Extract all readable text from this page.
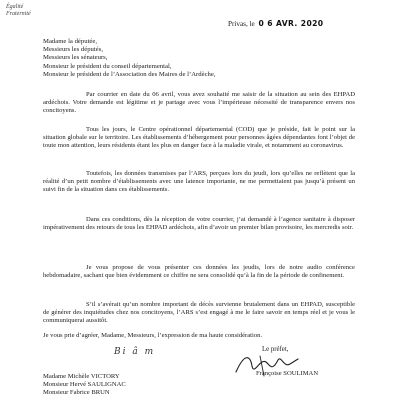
Égalité
Fraternité
Privas, le 0 6 AVR. 2020
Madame la députée,
Messieurs les députés,
Messieurs les sénateurs,
Monsieur le président du conseil départemental,
Monsieur le président de l’Association des Maires de l’Ardèche,

Par courrier en date du 06 avril, vous avez souhaité me saisir de la situation au sein des EHPAD ardéchois. Votre demande est légitime et je partage avec vous l’impérieuse nécessité de transparence envers nos concitoyens.

Tous les jours, le Centre opérationnel départemental (COD) que je préside, fait le point sur la situation globale sur le territoire. Les établissements d’hébergement pour personnes âgées dépendantes font l’objet de toute mon attention, leurs résidents étant les plus en danger face à la maladie virale, et notamment au coronavirus.

Toutefois, les données transmises par l’ARS, perçues lors du jeudi, lors qu’elles ne reflètent que la réalité d’un petit nombre d’établissements avec une latence importante, ne me permettaient pas jusqu’à présent un suivi fin de la situation dans ces établissements.

Dans ces conditions, dès la réception de votre courrier, j’ai demandé à l’agence sanitaire à disposer impérativement des retours de tous les EHPAD ardéchois, afin d’avoir un premier bilan provisoire, les mercredis soir.

Je vous propose de vous présenter ces données les jeudis, lors de notre audio conférence hebdomadaire, sachant que bien évidemment ce chiffre ne sera consolidé qu’à la fin de la période de confinement.

S’il s’avérait qu’un nombre important de décès survienne brutalement dans un EHPAD, susceptible de générer des inquiétudes chez nos concitoyens, l’ARS s’est engagé à me le faire savoir en temps réel et je vous le communiquerai aussitôt.

Je vous prie d’agréer, Madame, Messieurs, l’expression de ma haute considération.
Bi â m	Le préfet,
Françoise SOULIMAN
Madame Michèle VICTORY
Monsieur Hervé SAULIGNAC
Monsieur Fabrice BRUN
